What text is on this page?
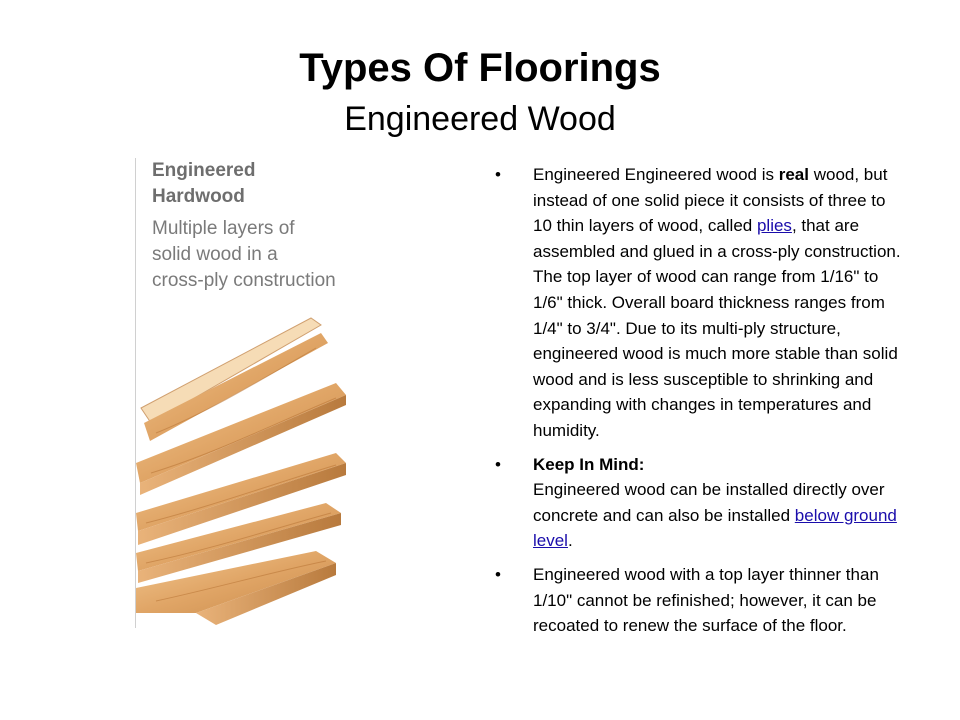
Types Of Floorings
Engineered Wood
Engineered
Hardwood
Multiple layers of
solid wood in a
cross-ply construction
• Engineered Engineered wood is real wood, but instead of one solid piece it consists of three to 10 thin layers of wood, called plies, that are assembled and glued in a cross-ply construction. The top layer of wood can range from 1/16" to 1/6" thick. Overall board thickness ranges from 1/4" to 3/4". Due to its multi-ply structure, engineered wood is much more stable than solid wood and is less susceptible to shrinking and expanding with changes in temperatures and humidity.
• Keep In Mind:
Engineered wood can be installed directly over concrete and can also be installed below ground level.
• Engineered wood with a top layer thinner than 1/10" cannot be refinished; however, it can be recoated to renew the surface of the floor.
